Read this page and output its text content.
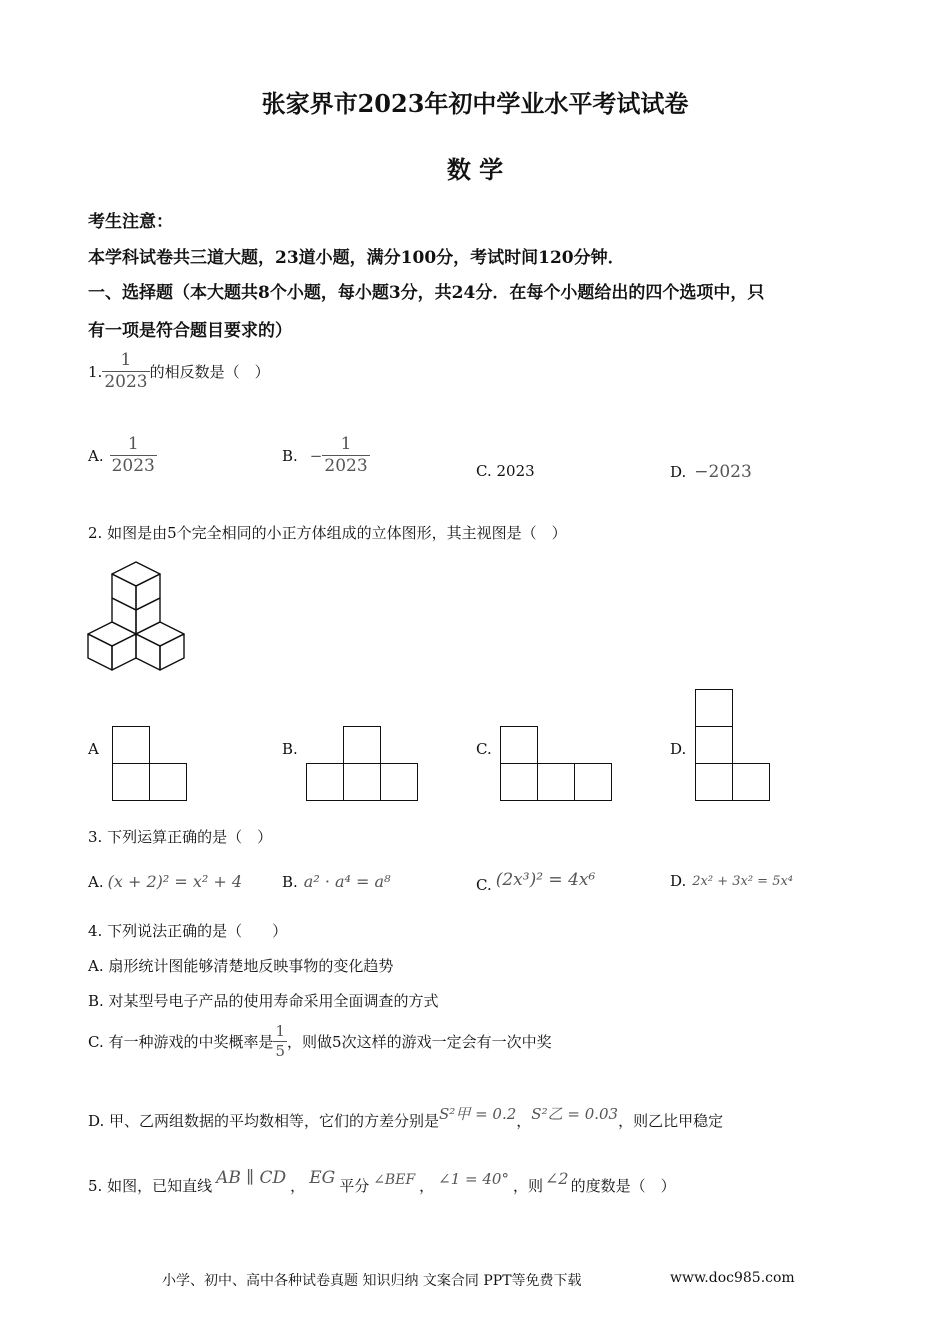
张家界市2023年初中学业水平考试试卷
数 学
考生注意：
本学科试卷共三道大题，23道小题，满分100分，考试时间120分钟．
一、选择题（本大题共8个小题，每小题3分，共24分．在每个小题给出的四个选项中，只
有一项是符合题目要求的）
1. $\frac{1}{2023}$ 的相反数是（　）
A. $\frac{1}{2023}$	B. − $\frac{1}{2023}$	C. 2023	D. −2023
2. 如图是由5个完全相同的小正方体组成的立体图形，其主视图是（　）
A	B.	C.	D.
3. 下列运算正确的是（　）
A. (x + 2)² = x² + 4	B. a² · a⁴ = a⁸	C. (2x³)² = 4x⁶	D. 2x² + 3x² = 5x⁴
4. 下列说法正确的是（　　）
A. 扇形统计图能够清楚地反映事物的变化趋势
B. 对某型号电子产品的使用寿命采用全面调查的方式
C. 有一种游戏的中奖概率是 $\frac{1}{5}$ ，则做5次这样的游戏一定会有一次中奖
D. 甲、乙两组数据的平均数相等，它们的方差分别是 S²甲 = 0.2 ， S²乙 = 0.03 ，则乙比甲稳定
5. 如图，已知直线 AB ∥ CD ， EG 平分 ∠BEF ， ∠1 = 40° ，则 ∠2 的度数是（　）
小学、初中、高中各种试卷真题 知识归纳 文案合同 PPT等免费下载	www.doc985.com
